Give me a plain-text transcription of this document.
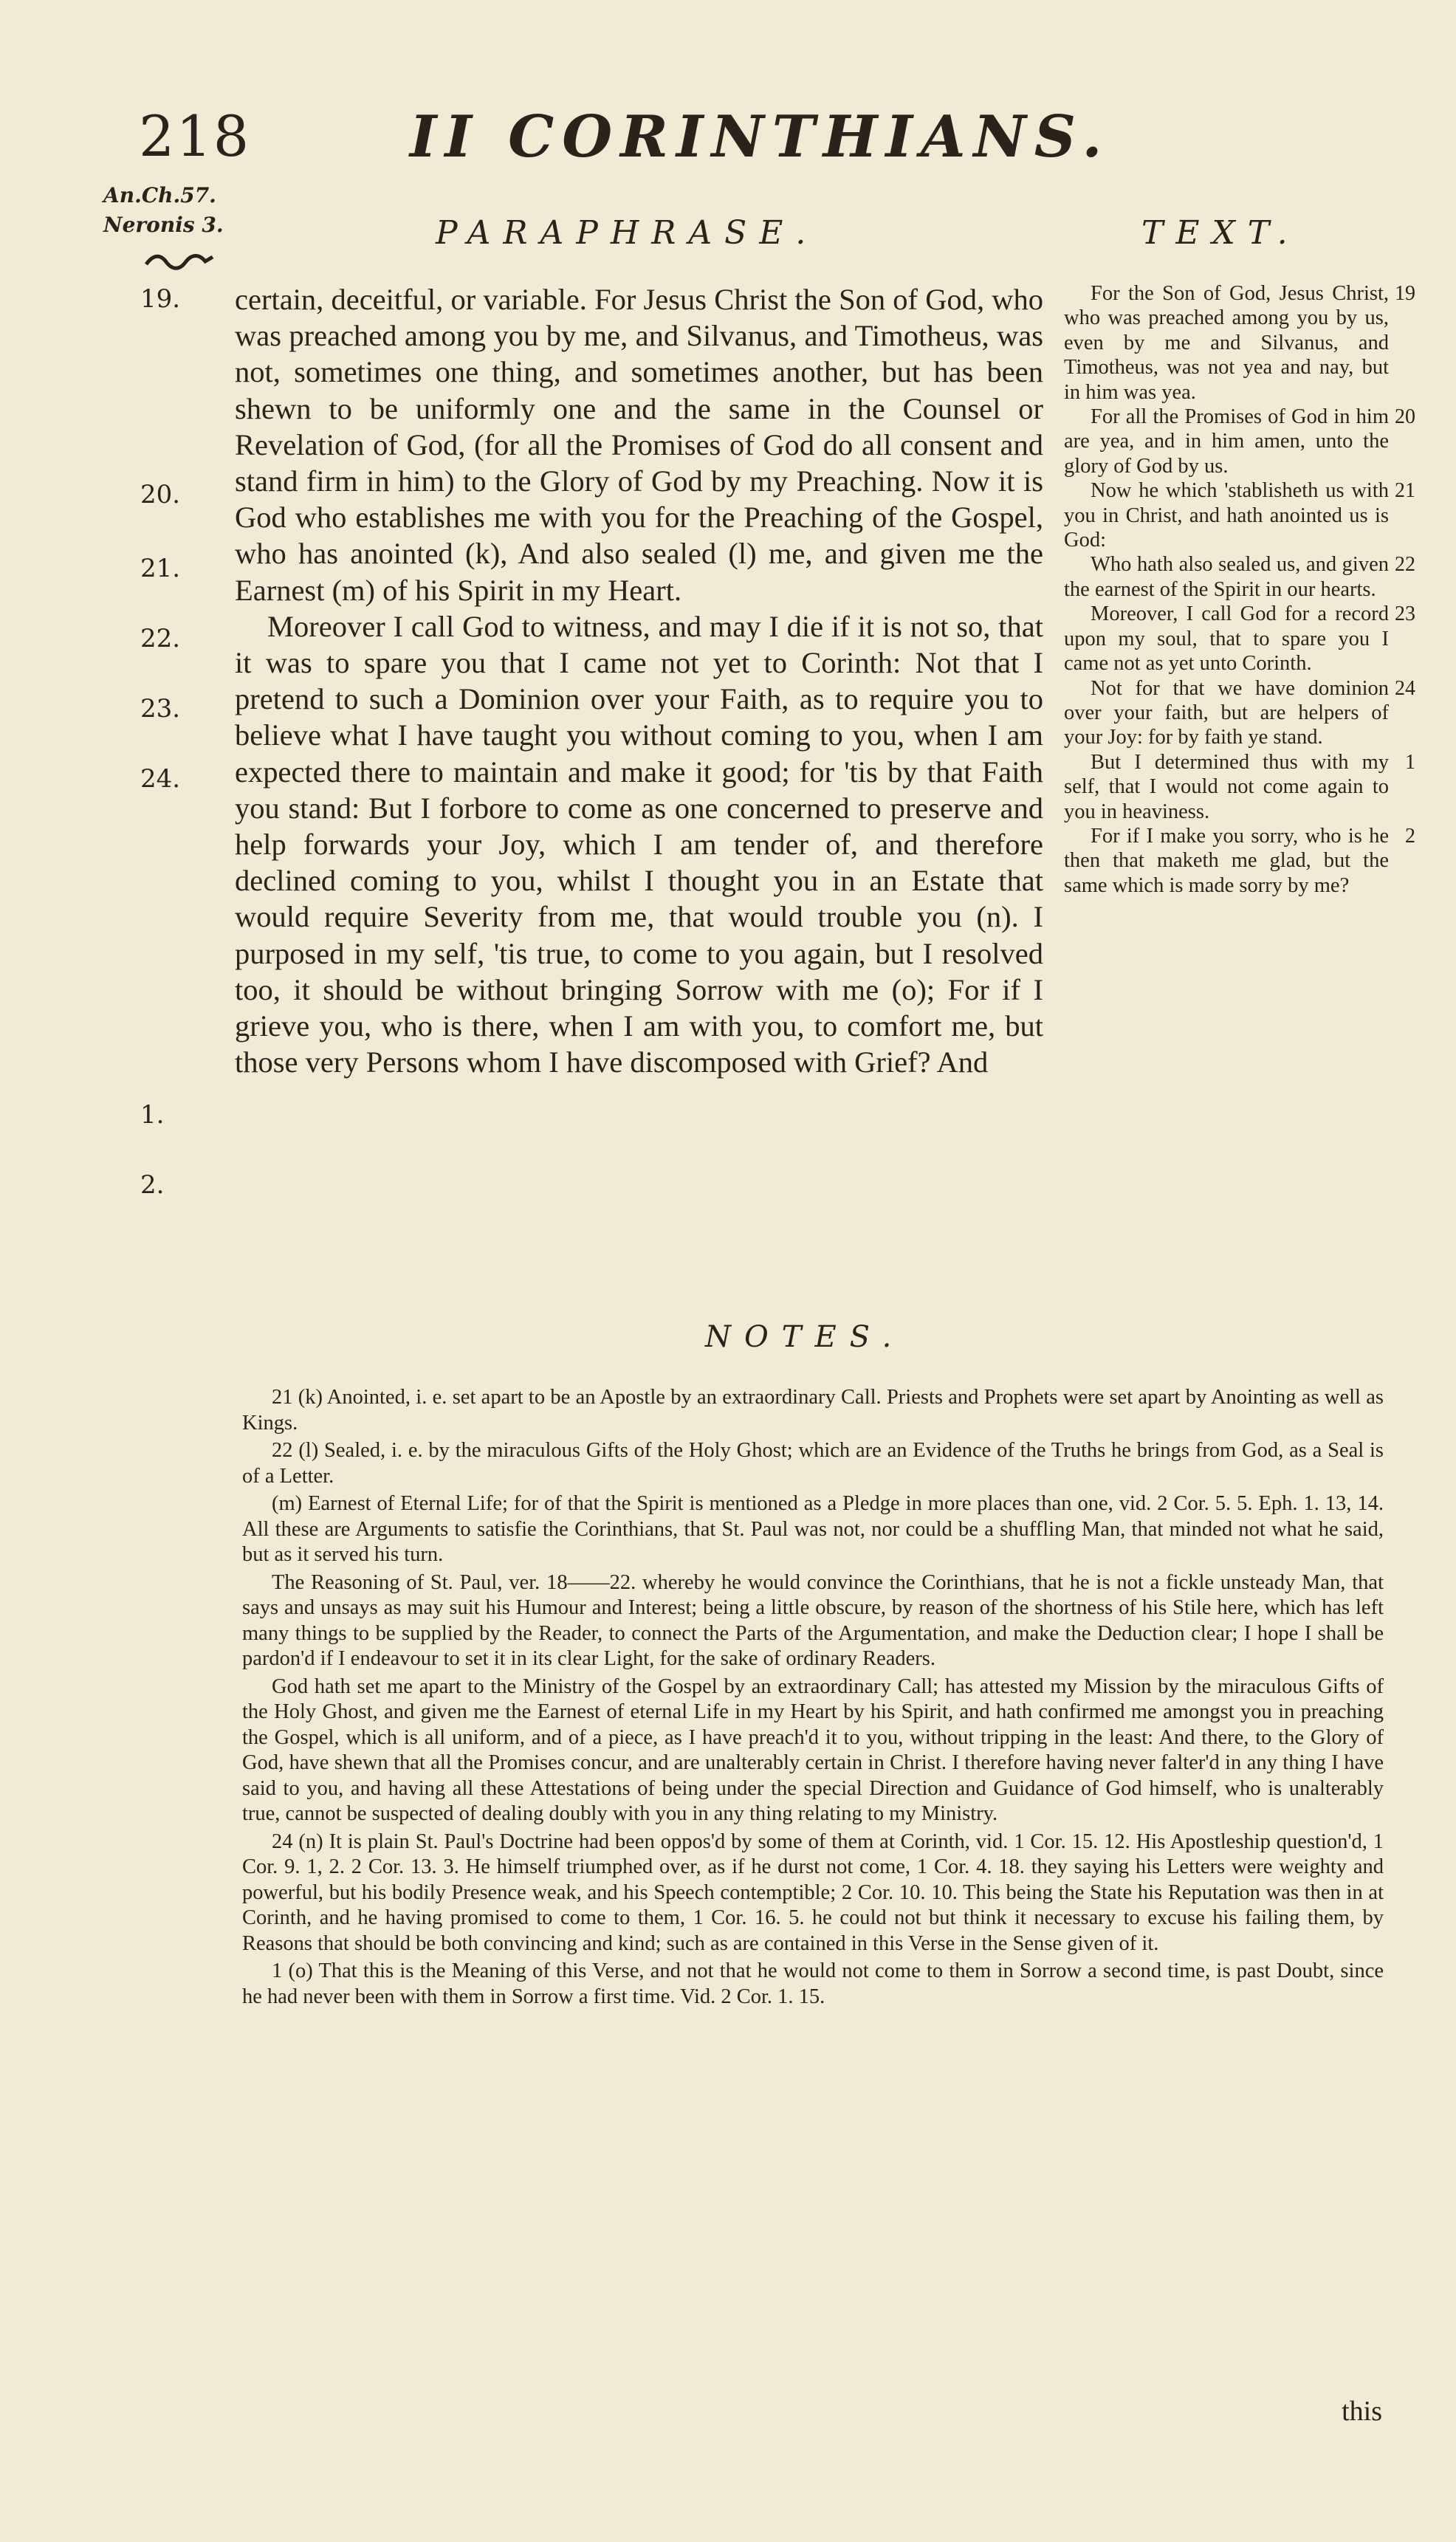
218	II CORINTHIANS.
An.Ch.57.
Neronis 3.	PARAPHRASE.	TEXT.
19.
20.
21.
22.
23.
24.
1.
2.

certain, deceitful, or variable. For Jesus Christ the Son of God, who was preached among you by me, and Silvanus, and Timotheus, was not, sometimes one thing, and sometimes another, but has been shewn to be uniformly one and the same in the Counsel or Revelation of God, (for all the Promises of God do all consent and stand firm in him) to the Glory of God by my Preaching. Now it is God who establishes me with you for the Preaching of the Gospel, who has anointed (k), And also sealed (l) me, and given me the Earnest (m) of his Spirit in my Heart.

Moreover I call God to witness, and may I die if it is not so, that it was to spare you that I came not yet to Corinth: Not that I pretend to such a Dominion over your Faith, as to require you to believe what I have taught you without coming to you, when I am expected there to maintain and make it good; for 'tis by that Faith you stand: But I forbore to come as one concerned to preserve and help forwards your Joy, which I am tender of, and therefore declined coming to you, whilst I thought you in an Estate that would require Severity from me, that would trouble you (n). I purposed in my self, 'tis true, to come to you again, but I resolved too, it should be without bringing Sorrow with me (o); For if I grieve you, who is there, when I am with you, to comfort me, but those very Persons whom I have discomposed with Grief? And

For the Son of God, Jesus Christ, who was preached among you by us, even by me and Silvanus, and Timotheus, was not yea and nay, but in him was yea.
19

For all the Promises of God in him are yea, and in him amen, unto the glory of God by us.
20

Now he which 'stablisheth us with you in Christ, and hath anointed us is God:
21

Who hath also sealed us, and given the earnest of the Spirit in our hearts.
22

Moreover, I call God for a record upon my soul, that to spare you I came not as yet unto Corinth.
23

Not for that we have dominion over your faith, but are helpers of your Joy: for by faith ye stand.
24

But I determined thus with my self, that I would not come again to you in heaviness.
1

For if I make you sorry, who is he then that maketh me glad, but the same which is made sorry by me?
2

NOTES.

21 (k) Anointed, i. e. set apart to be an Apostle by an extraordinary Call. Priests and Prophets were set apart by Anointing as well as Kings.

22 (l) Sealed, i. e. by the miraculous Gifts of the Holy Ghost; which are an Evidence of the Truths he brings from God, as a Seal is of a Letter.

(m) Earnest of Eternal Life; for of that the Spirit is mentioned as a Pledge in more places than one, vid. 2 Cor. 5. 5. Eph. 1. 13, 14. All these are Arguments to satisfie the Corinthians, that St. Paul was not, nor could be a shuffling Man, that minded not what he said, but as it served his turn.

The Reasoning of St. Paul, ver. 18——22. whereby he would convince the Corinthians, that he is not a fickle unsteady Man, that says and unsays as may suit his Humour and Interest; being a little obscure, by reason of the shortness of his Stile here, which has left many things to be supplied by the Reader, to connect the Parts of the Argumentation, and make the Deduction clear; I hope I shall be pardon'd if I endeavour to set it in its clear Light, for the sake of ordinary Readers.

God hath set me apart to the Ministry of the Gospel by an extraordinary Call; has attested my Mission by the miraculous Gifts of the Holy Ghost, and given me the Earnest of eternal Life in my Heart by his Spirit, and hath confirmed me amongst you in preaching the Gospel, which is all uniform, and of a piece, as I have preach'd it to you, without tripping in the least: And there, to the Glory of God, have shewn that all the Promises concur, and are unalterably certain in Christ. I therefore having never falter'd in any thing I have said to you, and having all these Attestations of being under the special Direction and Guidance of God himself, who is unalterably true, cannot be suspected of dealing doubly with you in any thing relating to my Ministry.

24 (n) It is plain St. Paul's Doctrine had been oppos'd by some of them at Corinth, vid. 1 Cor. 15. 12. His Apostleship question'd, 1 Cor. 9. 1, 2. 2 Cor. 13. 3. He himself triumphed over, as if he durst not come, 1 Cor. 4. 18. they saying his Letters were weighty and powerful, but his bodily Presence weak, and his Speech contemptible; 2 Cor. 10. 10. This being the State his Reputation was then in at Corinth, and he having promised to come to them, 1 Cor. 16. 5. he could not but think it necessary to excuse his failing them, by Reasons that should be both convincing and kind; such as are contained in this Verse in the Sense given of it.

1 (o) That this is the Meaning of this Verse, and not that he would not come to them in Sorrow a second time, is past Doubt, since he had never been with them in Sorrow a first time. Vid. 2 Cor. 1. 15.

this
